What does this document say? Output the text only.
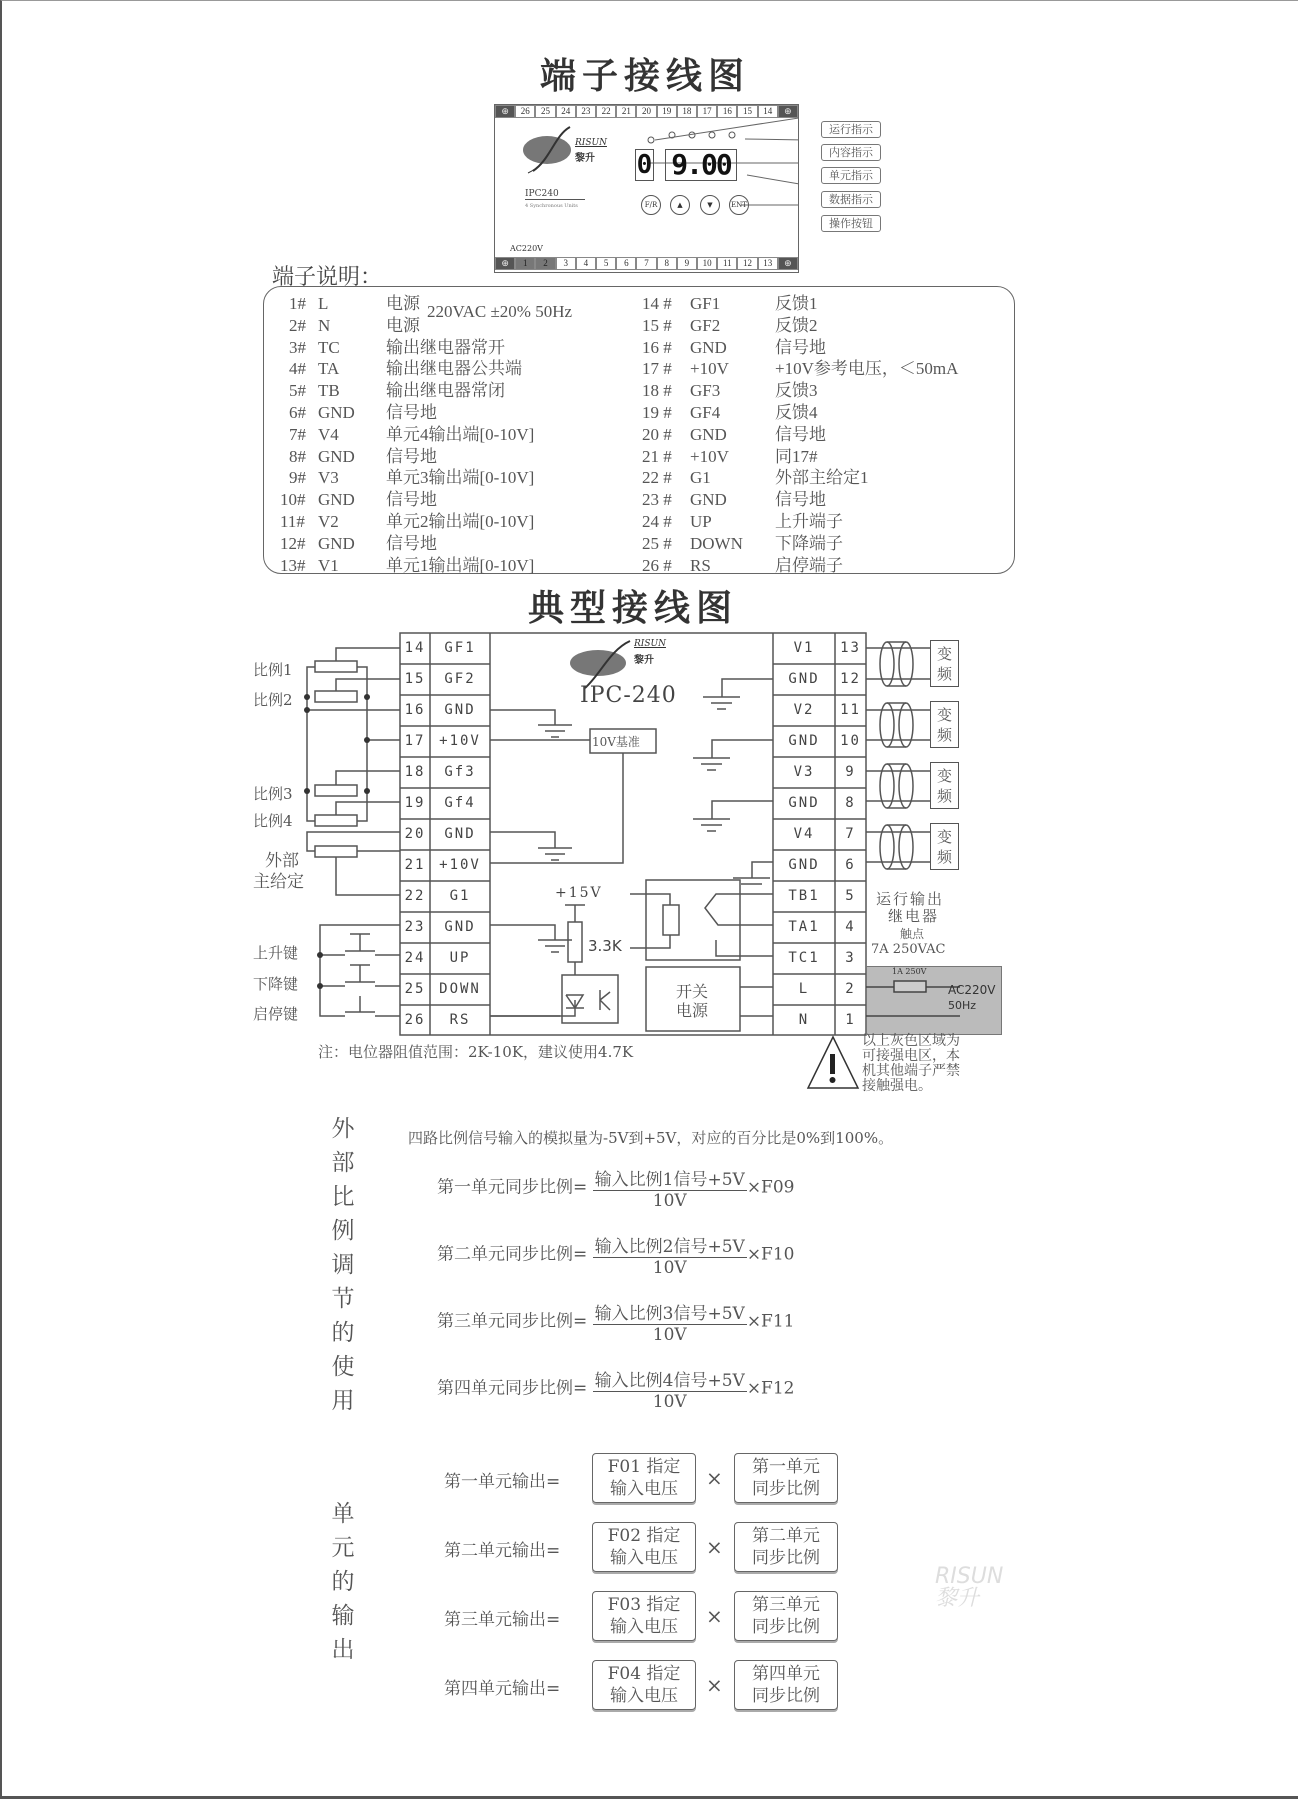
端子接线图
⊕	26	25	24	23	22	21	20	19	18	17	16	15	14	⊕
RISUN
黎升
IPC240
4 Synchronous Units
0 9.00
F/R	▲	▼	ENT
AC220V
⊕	1	2	3	4	5	6	7	8	9	10	11	12	13	⊕
运行指示
内容指示
单元指示
数据指示
操作按钮
端子说明：
1# L	电源
2# N	电源
3# TC	输出继电器常开
4# TA	输出继电器公共端
5# TB	输出继电器常闭
6# GND 信号地
7# V4	单元4输出端[0-10V]
8# GND 信号地
9# V3	单元3输出端[0-10V]
10# GND 信号地
11# V2	单元2输出端[0-10V]
12# GND 信号地
13# V1	单元1输出端[0-10V]
14 # GF1	反馈1
15 # GF2	反馈2
16 # GND	信号地
17 # +10V	+10V参考电压，＜50mA
18 # GF3	反馈3
19 # GF4	反馈4
20 # GND	信号地
21 # +10V	同17#
22 # G1	外部主给定1
23 # GND	信号地
24 # UP	上升端子
25 # DOWN 下降端子
26 # RS	启停端子
220VAC ±20% 50Hz
典型接线图
14	GF1
15	GF2
16	GND
17 +10V
18	Gf3
19	Gf4
20	GND
21 +10V
22	G1
23	GND
24	UP
25 DOWN
26	RS
V1	13
GND	12
V2	11
GND	10
V3	9
GND	8
V4	7
GND	6
TB1	5
TA1	4
TC1	3
L	2
N	1
RISUN
黎升
IPC-240
10V基准
+15V
3.3K
开关
电源
比例1
比例2
比例3
比例4
外部
主给定
上升键
下降键
启停键
变
频
变
频
变
频
变
频
运行输出
继电器
触点
7A 250VAC
1A 250V
AC220V
50Hz
注：电位器阻值范围：2K-10K，建议使用4.7K
以上灰色区域为
可接强电区，本
机其他端子严禁
接触强电。
外
部
比
例
调
节
的
使
用
四路比例信号输入的模拟量为-5V到+5V，对应的百分比是0%到100%。
第一单元同步比例= $\frac{\text{输入比例1信号+5V}}{10V} \times F09$
第二单元同步比例= $\frac{\text{输入比例2信号+5V}}{10V} \times F10$
第三单元同步比例= $\frac{\text{输入比例3信号+5V}}{10V} \times F11$
第四单元同步比例= $\frac{\text{输入比例4信号+5V}}{10V} \times F12$
单
元
的
输
出
第一单元输出=
F01 指定
输入电压	×	第一单元
同步比例
第二单元输出=
F02 指定
输入电压	×	第二单元
同步比例
第三单元输出=
F03 指定
输入电压	×	第三单元
同步比例
第四单元输出=
F04 指定
输入电压	×	第四单元
同步比例
RISUN
黎升
